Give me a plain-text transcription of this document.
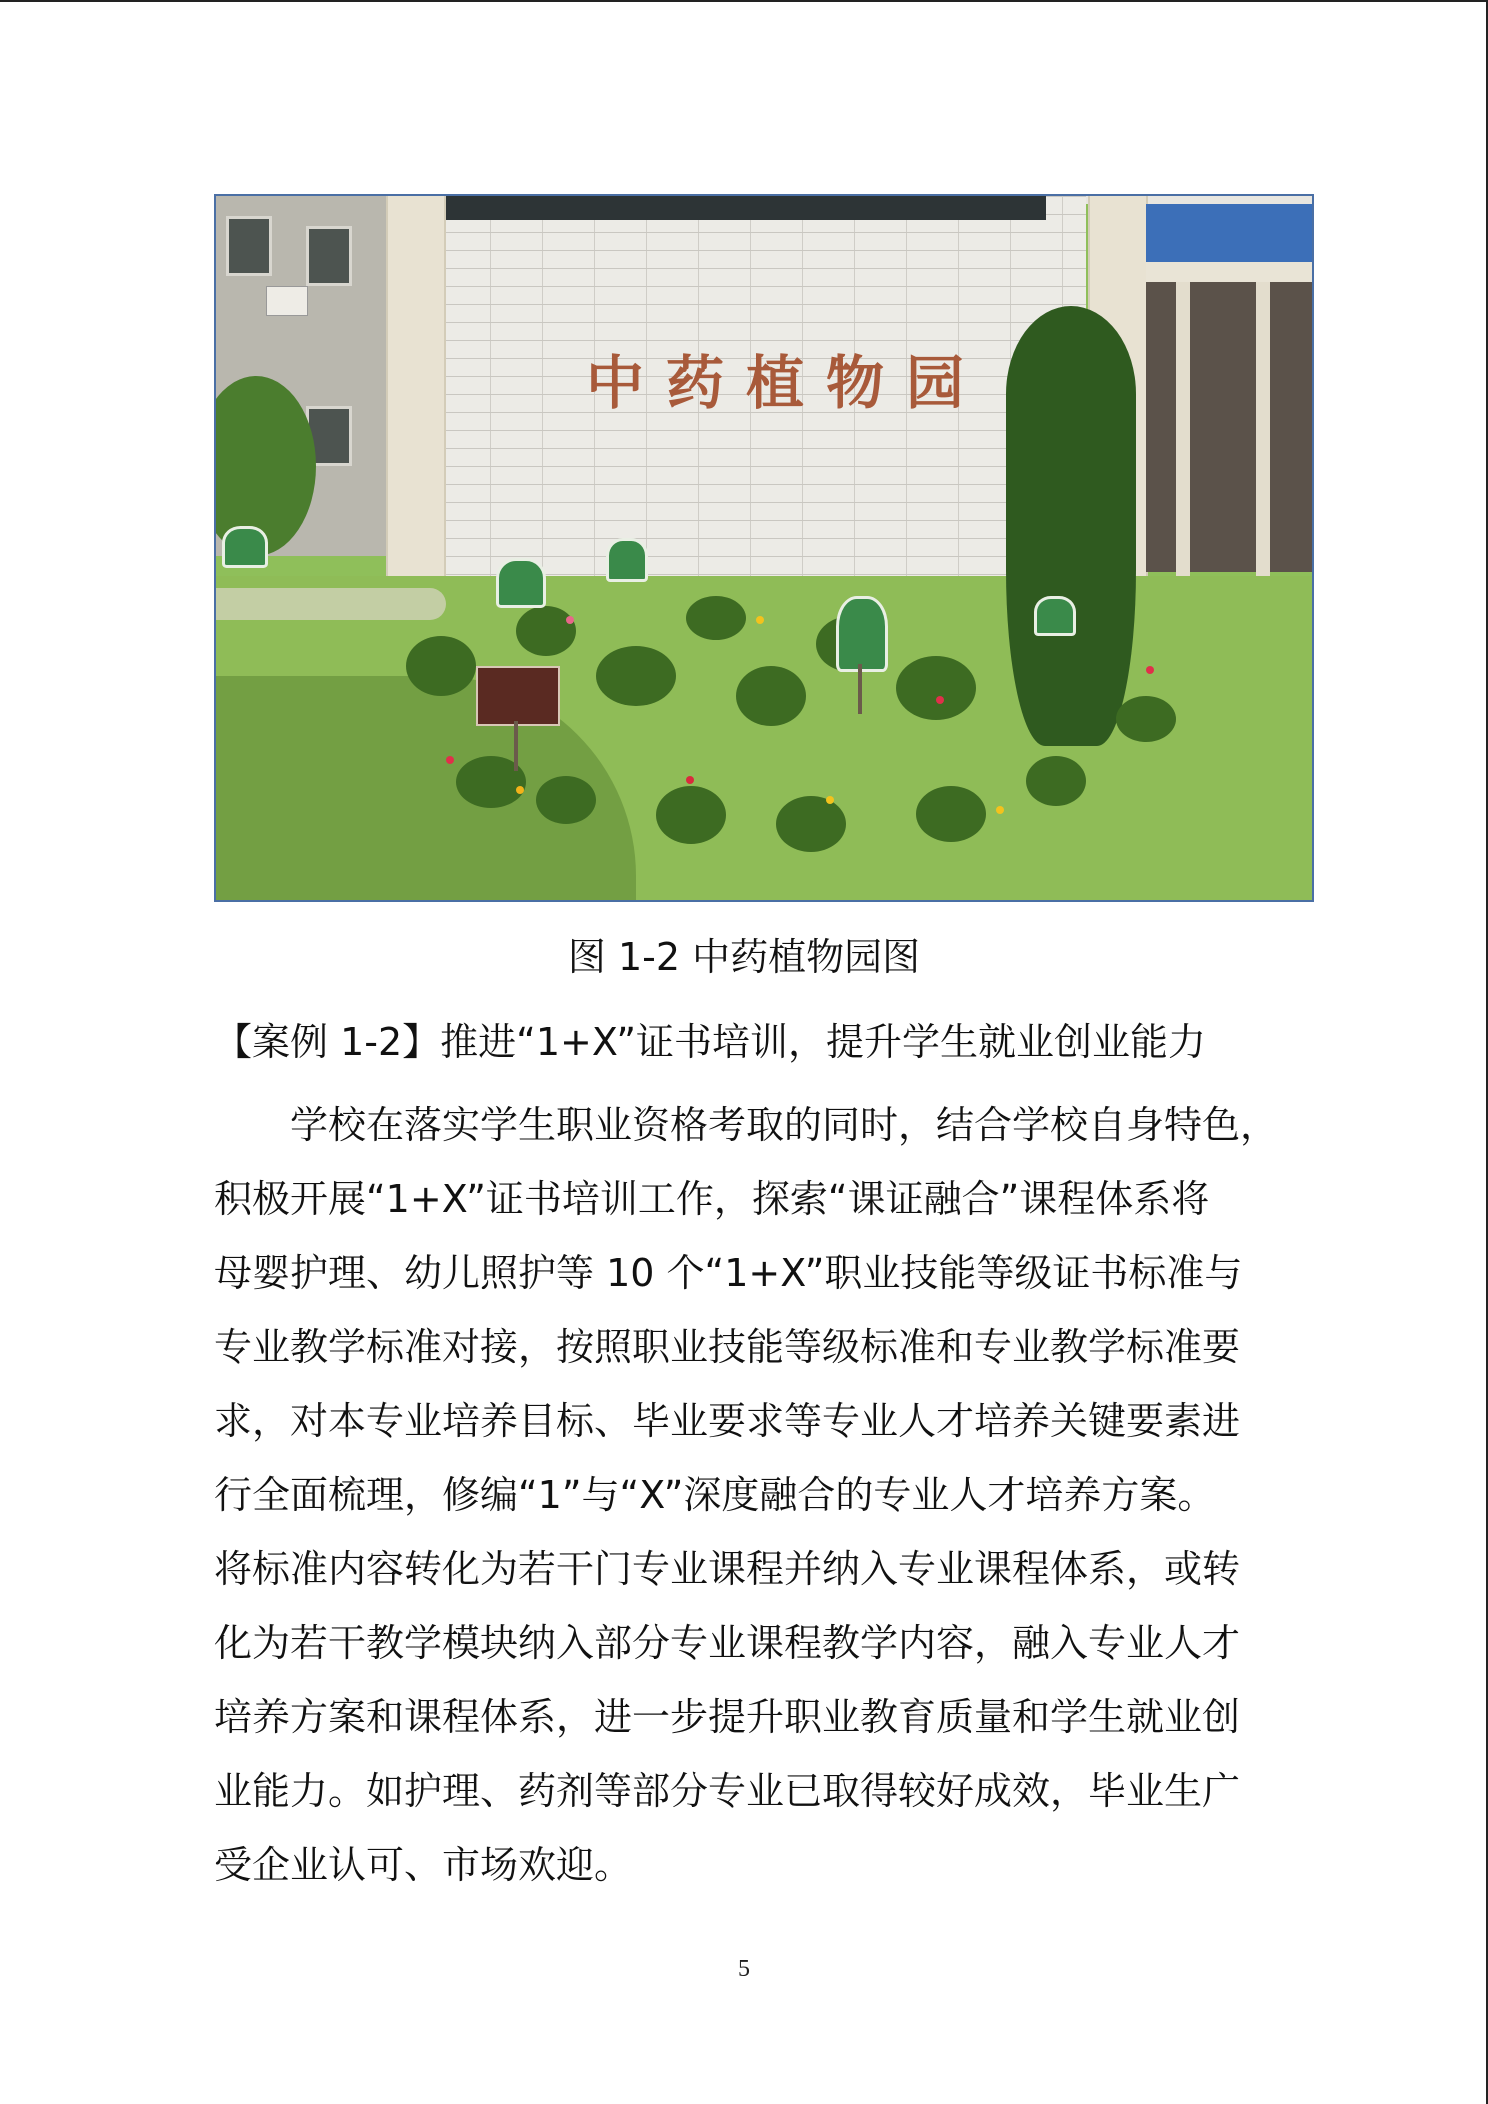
中药植物园
图 1-2 中药植物园图
【案例 1-2】推进“1+X”证书培训，提升学生就业创业能力
学校在落实学生职业资格考取的同时，结合学校自身特色，
积极开展“1+X”证书培训工作，探索“课证融合”课程体系将
母婴护理、幼儿照护等 10 个“1+X”职业技能等级证书标准与
专业教学标准对接，按照职业技能等级标准和专业教学标准要
求，对本专业培养目标、毕业要求等专业人才培养关键要素进
行全面梳理，修编“1”与“X”深度融合的专业人才培养方案。
将标准内容转化为若干门专业课程并纳入专业课程体系，或转
化为若干教学模块纳入部分专业课程教学内容，融入专业人才
培养方案和课程体系，进一步提升职业教育质量和学生就业创
业能力。如护理、药剂等部分专业已取得较好成效，毕业生广
受企业认可、市场欢迎。
5
